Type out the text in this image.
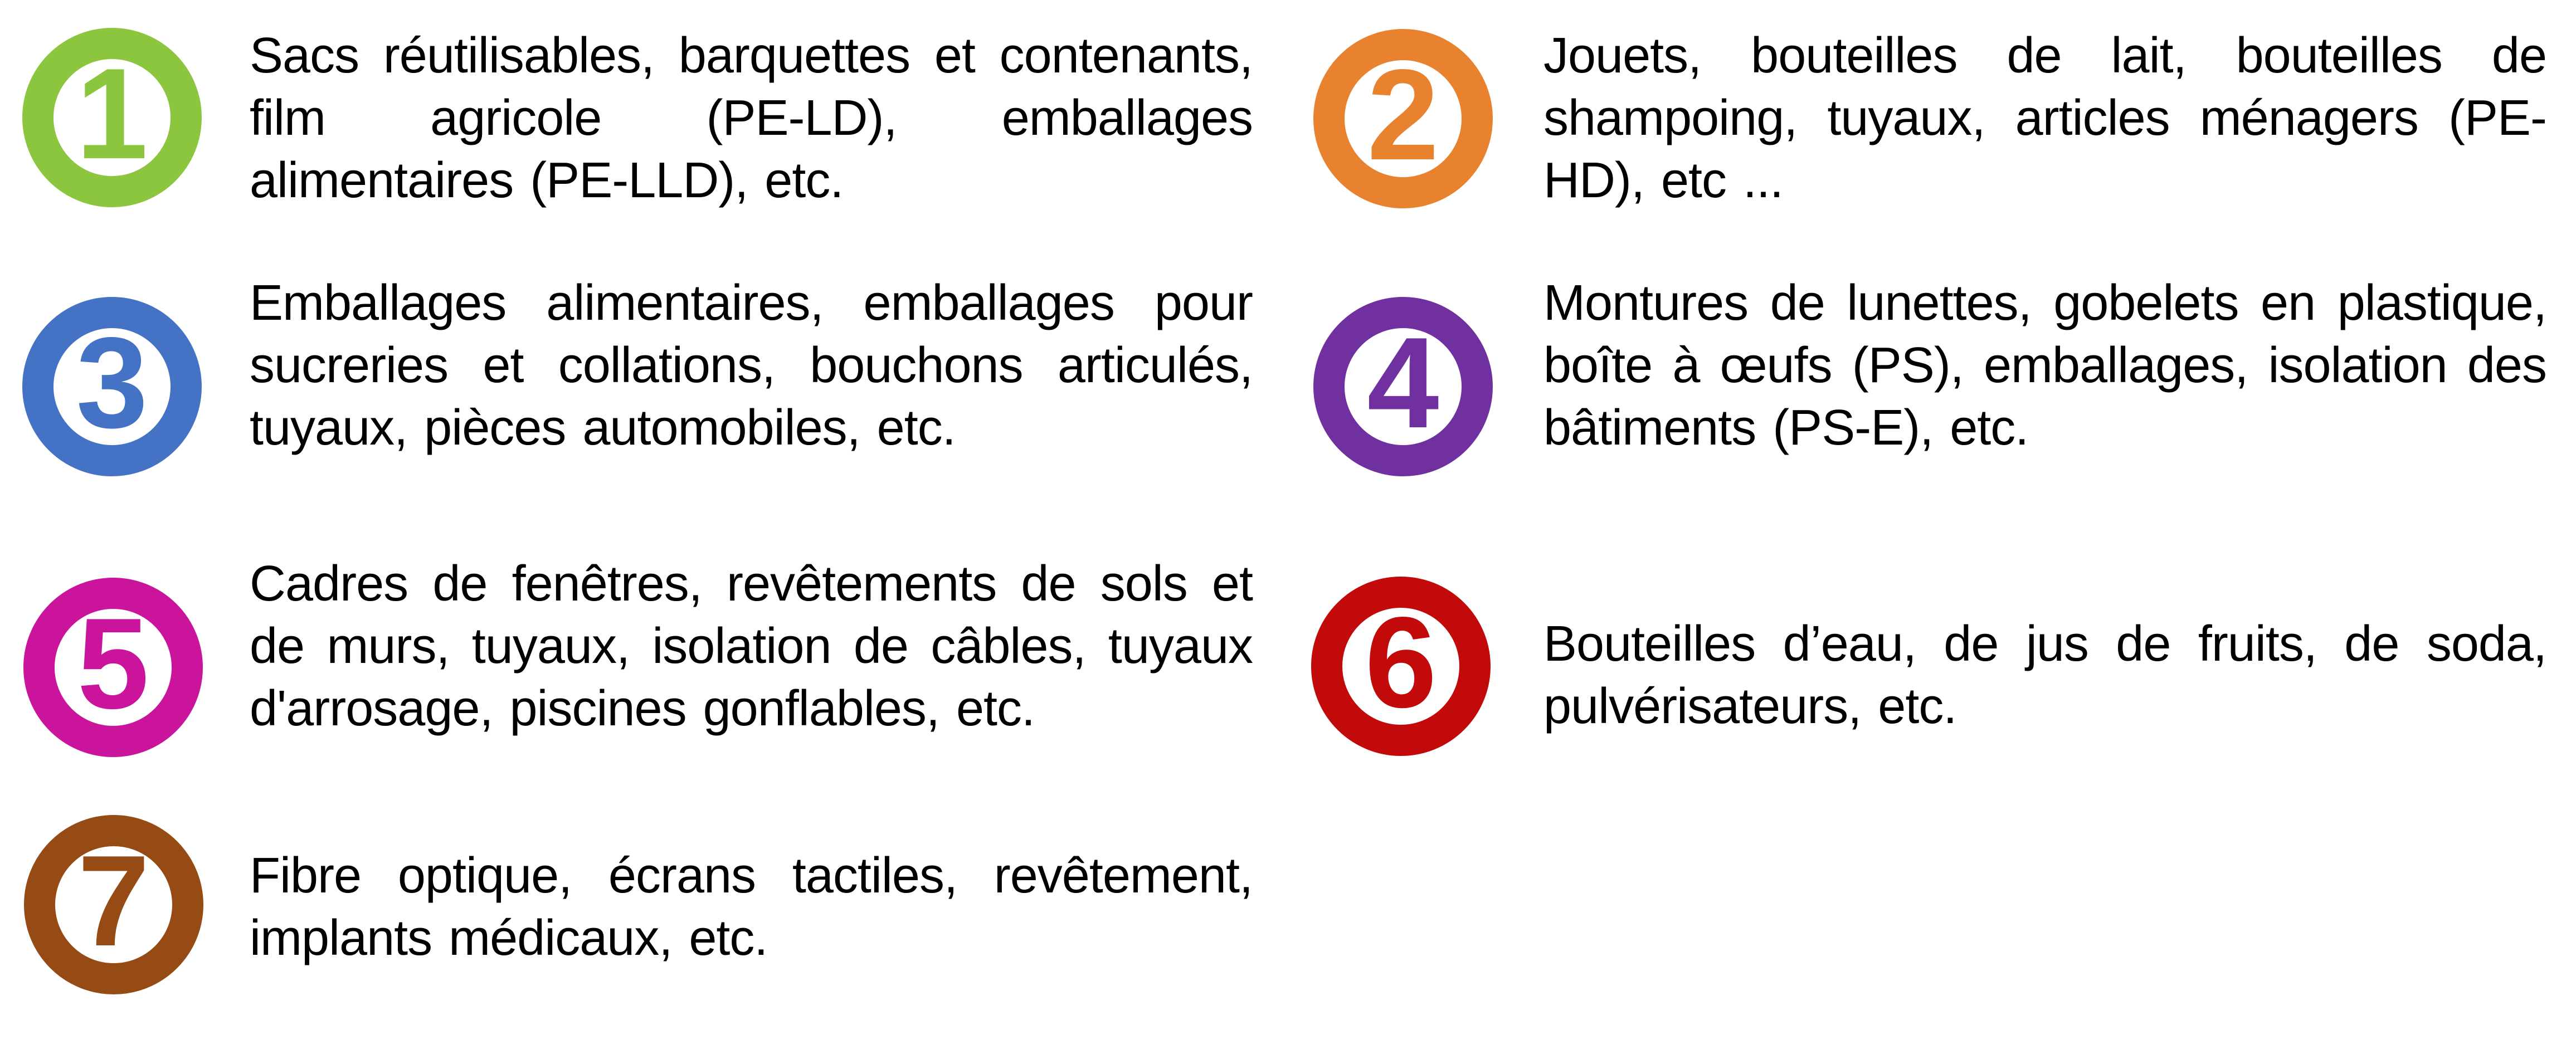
1 Sacs réutilisables, barquettes et contenants, film agricole (PE-LD), emballages alimentaires (PE-LLD), etc.	2 Jouets, bouteilles de lait, bouteilles de shampoing, tuyaux, articles ménagers (PE-HD), etc ...

3

Emballages alimentaires, emballages pour sucreries et collations, bouchons articulés, tuyaux, pièces automobiles, etc.	4

Montures de lunettes, gobelets en plastique, boîte à œufs (PS), emballages, isolation des bâtiments (PS-E), etc.

5

Cadres de fenêtres, revêtements de sols et de murs, tuyaux, isolation de câbles, tuyaux d'arrosage, piscines gonflables, etc.	6 Bouteilles d’eau, de jus de fruits, de soda, pulvérisateurs, etc.

7 Fibre optique, écrans tactiles, revêtement, implants médicaux, etc.
